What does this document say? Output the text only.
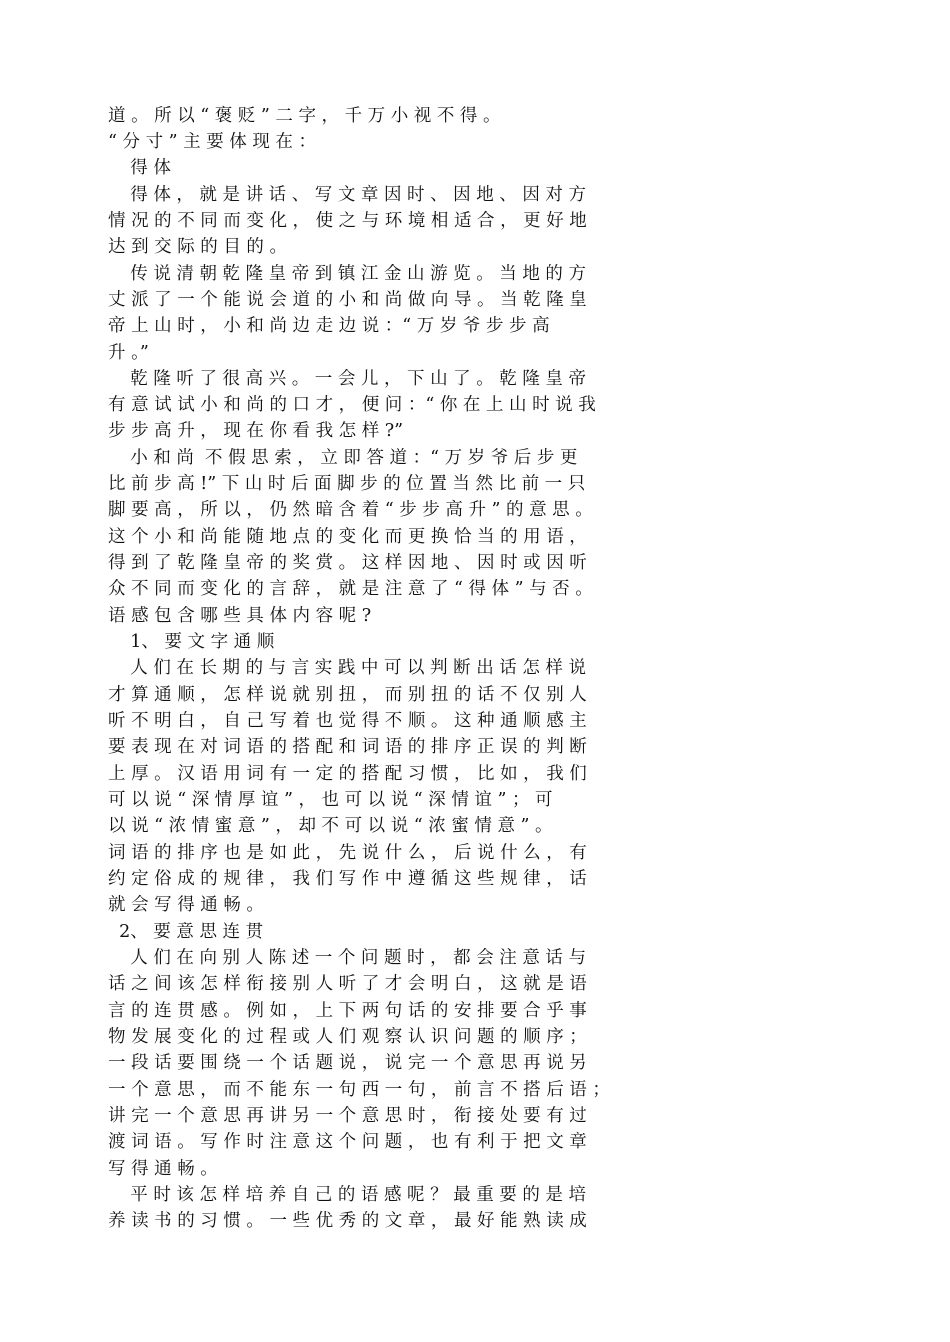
道 。 所 以 “ 褒 贬 ” 二 字 ， 千 万 小 视 不 得 。

“ 分 寸 ” 主 要 体 现 在 ：

得 体

得 体 ， 就 是 讲 话 、 写 文 章 因 时 、 因 地 、 因 对 方

情 况 的 不 同 而 变 化 ， 使 之 与 环 境 相 适 合 ， 更 好 地

达 到 交 际 的 目 的 。

传 说 清 朝 乾 隆 皇 帝 到 镇 江 金 山 游 览 。 当 地 的 方

丈 派 了 一 个 能 说 会 道 的 小 和 尚 做 向 导 。 当 乾 隆 皇

帝 上 山 时 ， 小 和 尚 边 走 边 说 ：“ 万 岁 爷 步 步 高

升 。”

乾 隆 听 了 很 高 兴 。 一 会 儿 ， 下 山 了 。 乾 隆 皇 帝

有 意 试 试 小 和 尚 的 口 才 ， 便 问 ：“ 你 在 上 山 时 说 我

步 步 高 升 ， 现 在 你 看 我 怎 样 ?”

小 和 尚  不 假 思 索 ， 立 即 答 道 ：“ 万 岁 爷 后 步 更

比 前 步 高 !” 下 山 时 后 面 脚 步 的 位 置 当 然 比 前 一 只

脚 要 高 ， 所 以 ， 仍 然 暗 含 着 “ 步 步 高 升 ” 的 意 思 。

这 个 小 和 尚 能 随 地 点 的 变 化 而 更 换 恰 当 的 用 语 ，

得 到 了 乾 隆 皇 帝 的 奖 赏 。 这 样 因 地 、 因 时 或 因 听

众 不 同 而 变 化 的 言 辞 ， 就 是 注 意 了 “ 得 体 ” 与 否 。

语 感 包 含 哪 些 具 体 内 容 呢 ?

1、 要 文 字 通 顺

人 们 在 长 期 的 与 言 实 践 中 可 以 判 断 出 话 怎 样 说

才 算 通 顺 ， 怎 样 说 就 别 扭 ， 而 别 扭 的 话 不 仅 别 人

听 不 明 白 ， 自 己 写 着 也 觉 得 不 顺 。 这 种 通 顺 感 主

要 表 现 在 对 词 语 的 搭 配 和 词 语 的 排 序 正 误 的 判 断

上 厚 。 汉 语 用 词 有 一 定 的 搭 配 习 惯 ， 比 如 ， 我 们

可 以 说 “ 深 情 厚 谊 ” ， 也 可 以 说 “ 深 情 谊 ” ； 可

以 说 “ 浓 情 蜜 意 ” ， 却 不 可 以 说 “ 浓 蜜 情 意 ” 。

词 语 的 排 序 也 是 如 此 ， 先 说 什 么 ， 后 说 什 么 ， 有

约 定 俗 成 的 规 律 ， 我 们 写 作 中 遵 循 这 些 规 律 ， 话

就 会 写 得 通 畅 。

2、 要 意 思 连 贯

人 们 在 向 别 人 陈 述 一 个 问 题 时 ， 都 会 注 意 话 与

话 之 间 该 怎 样 衔 接 别 人 听 了 才 会 明 白 ， 这 就 是 语

言 的 连 贯 感 。 例 如 ， 上 下 两 句 话 的 安 排 要 合 乎 事

物 发 展 变 化 的 过 程 或 人 们 观 察 认 识 问 题 的 顺 序 ；

一 段 话 要 围 绕 一 个 话 题 说 ， 说 完 一 个 意 思 再 说 另

一 个 意 思 ， 而 不 能 东 一 句 西 一 句 ， 前 言 不 搭 后 语 ；

讲 完 一 个 意 思 再 讲 另 一 个 意 思 时 ， 衔 接 处 要 有 过

渡 词 语 。 写 作 时 注 意 这 个 问 题 ， 也 有 利 于 把 文 章

写 得 通 畅 。

平 时 该 怎 样 培 养 自 己 的 语 感 呢 ？ 最 重 要 的 是 培

养 读 书 的 习 惯 。 一 些 优 秀 的 文 章 ， 最 好 能 熟 读 成
